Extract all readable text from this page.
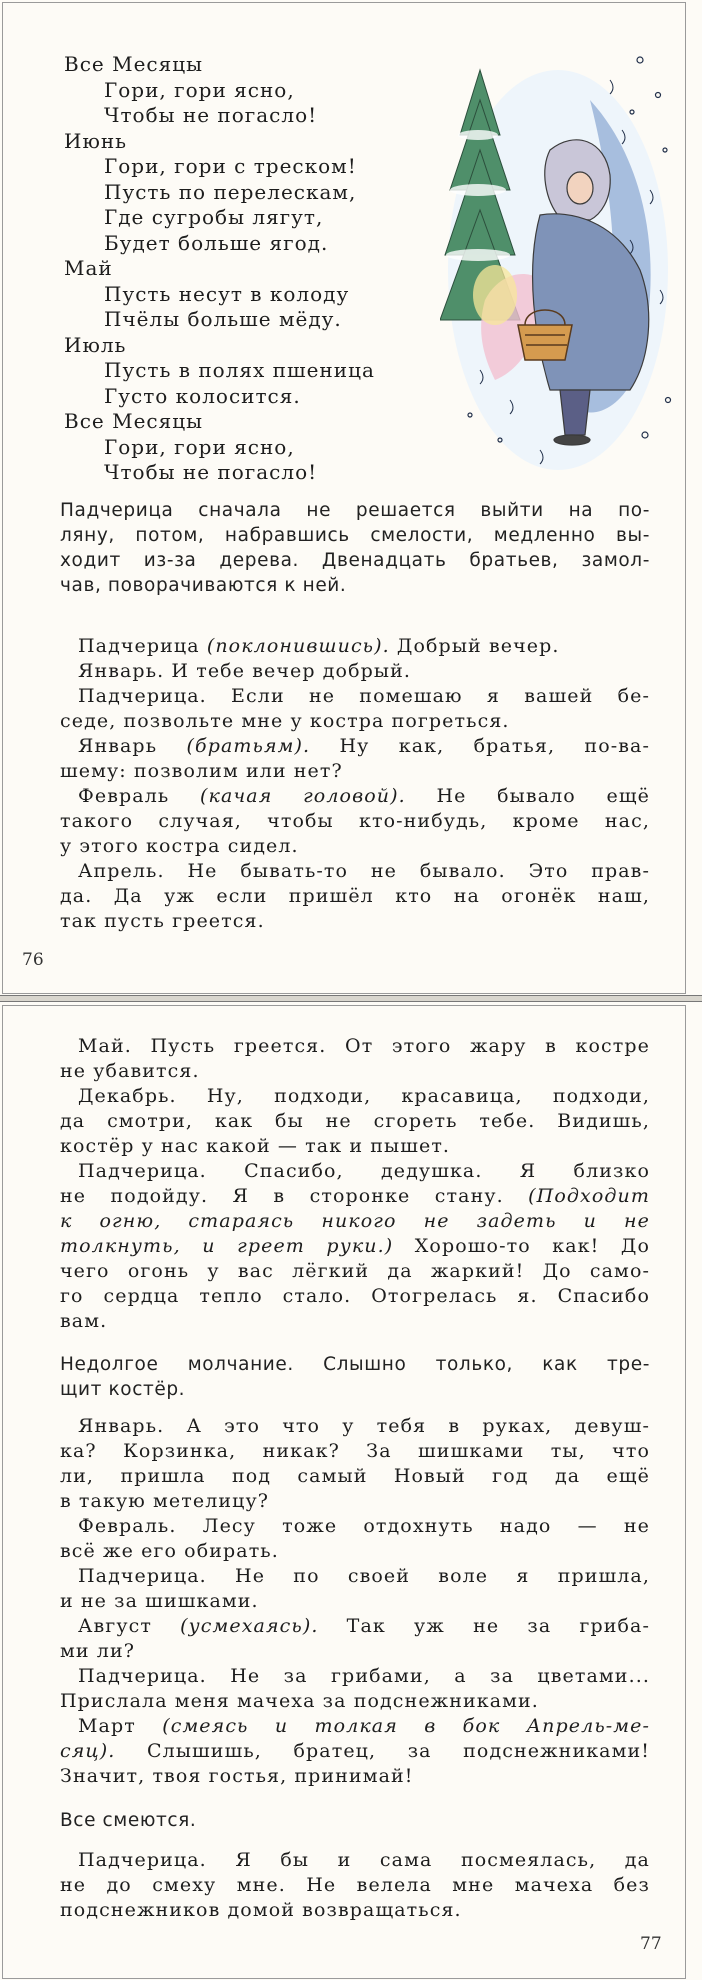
Все Месяцы
Гори, гори ясно,
Чтобы не погасло!
Июнь
Гори, гори с треском!
Пусть по перелескам,
Где сугробы лягут,
Будет больше ягод.
Май
Пусть несут в колоду
Пчёлы больше мёду.
Июль
Пусть в полях пшеница
Густо колосится.
Все Месяцы
Гори, гори ясно,
Чтобы не погасло!
Падчерица сначала не решается выйти на по-
ляну, потом, набравшись смелости, медленно вы-
ходит из-за дерева. Двенадцать братьев, замол-
чав, поворачиваются к ней.
Падчерица (поклонившись). Добрый вечер.
Январь. И тебе вечер добрый.
Падчерица. Если не помешаю я вашей бе-
седе, позвольте мне у костра погреться.
Январь (братьям). Ну как, братья, по-ва-
шему: позволим или нет?
Февраль (качая головой). Не бывало ещё
такого случая, чтобы кто-нибудь, кроме нас,
у этого костра сидел.
Апрель. Не бывать-то не бывало. Это прав-
да. Да уж если пришёл кто на огонёк наш,
так пусть греется.
76
Май. Пусть греется. От этого жару в костре
не убавится.
Декабрь. Ну, подходи, красавица, подходи,
да смотри, как бы не сгореть тебе. Видишь,
костёр у нас какой — так и пышет.
Падчерица. Спасибо, дедушка. Я близко
не подойду. Я в сторонке стану. (Подходит
к огню, стараясь никого не задеть и не
толкнуть, и греет руки.) Хорошо-то как! До
чего огонь у вас лёгкий да жаркий! До само-
го сердца тепло стало. Отогрелась я. Спасибо
вам.
Недолгое молчание. Слышно только, как тре-
щит костёр.
Январь. А это что у тебя в руках, девуш-
ка? Корзинка, никак? За шишками ты, что
ли, пришла под самый Новый год да ещё
в такую метелицу?
Февраль. Лесу тоже отдохнуть надо — не
всё же его обирать.
Падчерица. Не по своей воле я пришла,
и не за шишками.
Август (усмехаясь). Так уж не за гриба-
ми ли?
Падчерица. Не за грибами, а за цветами...
Прислала меня мачеха за подснежниками.
Март (смеясь и толкая в бок Апрель-ме-
сяц). Слышишь, братец, за подснежниками!
Значит, твоя гостья, принимай!
Все смеются.
Падчерица. Я бы и сама посмеялась, да
не до смеху мне. Не велела мне мачеха без
подснежников домой возвращаться.
77
